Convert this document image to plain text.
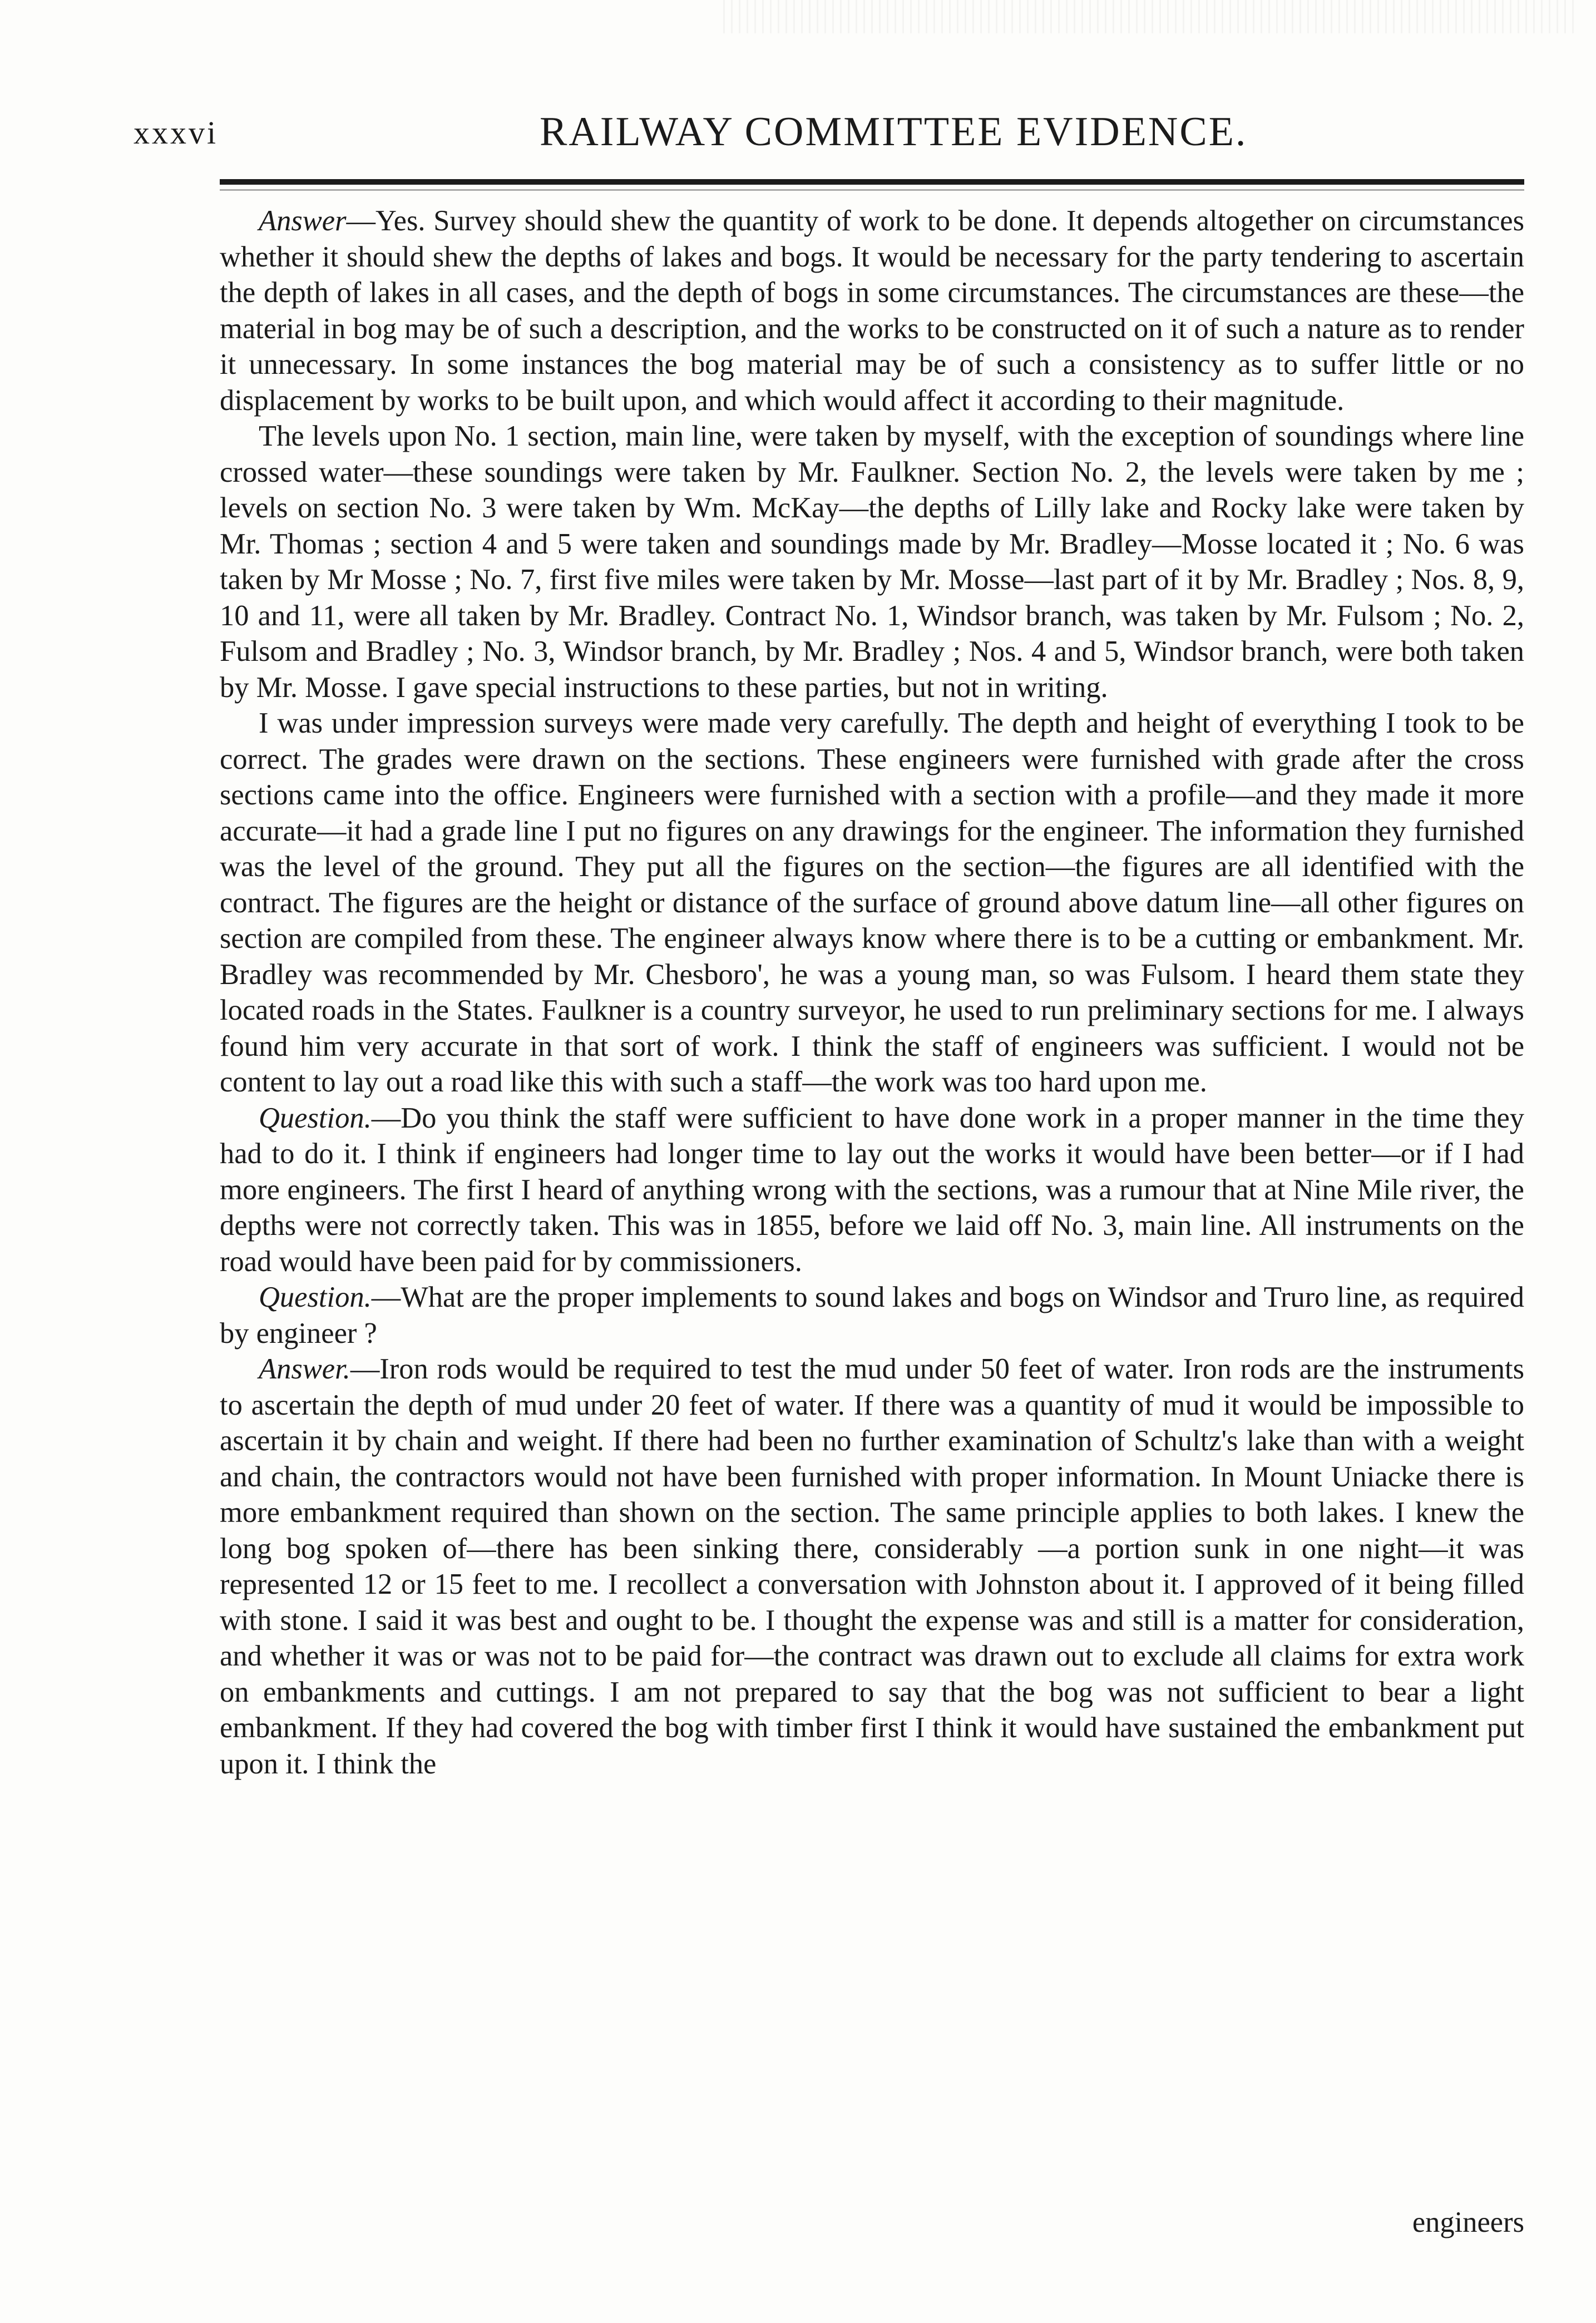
xxxvi	RAILWAY COMMITTEE EVIDENCE.

Answer—Yes. Survey should shew the quantity of work to be done. It depends altogether on circumstances whether it should shew the depths of lakes and bogs. It would be necessary for the party tendering to ascertain the depth of lakes in all cases, and the depth of bogs in some circumstances. The circumstances are these—the material in bog may be of such a description, and the works to be constructed on it of such a nature as to render it unnecessary. In some instances the bog material may be of such a consistency as to suffer little or no displacement by works to be built upon, and which would affect it according to their magnitude.

The levels upon No. 1 section, main line, were taken by myself, with the exception of soundings where line crossed water—these soundings were taken by Mr. Faulkner. Section No. 2, the levels were taken by me ; levels on section No. 3 were taken by Wm. McKay—the depths of Lilly lake and Rocky lake were taken by Mr. Thomas ; section 4 and 5 were taken and soundings made by Mr. Bradley—Mosse located it ; No. 6 was taken by Mr Mosse ; No. 7, first five miles were taken by Mr. Mosse—last part of it by Mr. Bradley ; Nos. 8, 9, 10 and 11, were all taken by Mr. Bradley. Contract No. 1, Windsor branch, was taken by Mr. Fulsom ; No. 2, Fulsom and Bradley ; No. 3, Windsor branch, by Mr. Bradley ; Nos. 4 and 5, Windsor branch, were both taken by Mr. Mosse. I gave special instructions to these parties, but not in writing.

I was under impression surveys were made very carefully. The depth and height of everything I took to be correct. The grades were drawn on the sections. These engineers were furnished with grade after the cross sections came into the office. Engineers were furnished with a section with a profile—and they made it more accurate—it had a grade line I put no figures on any drawings for the engineer. The information they furnished was the level of the ground. They put all the figures on the section—the figures are all identified with the contract. The figures are the height or distance of the surface of ground above datum line—all other figures on section are compiled from these. The engineer always know where there is to be a cutting or embankment. Mr. Bradley was recommended by Mr. Chesboro', he was a young man, so was Fulsom. I heard them state they located roads in the States. Faulkner is a country surveyor, he used to run preliminary sections for me. I always found him very accurate in that sort of work. I think the staff of engineers was sufficient. I would not be content to lay out a road like this with such a staff—the work was too hard upon me.

Question.—Do you think the staff were sufficient to have done work in a proper manner in the time they had to do it. I think if engineers had longer time to lay out the works it would have been better—or if I had more engineers. The first I heard of anything wrong with the sections, was a rumour that at Nine Mile river, the depths were not correctly taken. This was in 1855, before we laid off No. 3, main line. All instruments on the road would have been paid for by commissioners.

Question.—What are the proper implements to sound lakes and bogs on Windsor and Truro line, as required by engineer ?

Answer.—Iron rods would be required to test the mud under 50 feet of water. Iron rods are the instruments to ascertain the depth of mud under 20 feet of water. If there was a quantity of mud it would be impossible to ascertain it by chain and weight. If there had been no further examination of Schultz's lake than with a weight and chain, the contractors would not have been furnished with proper information. In Mount Uniacke there is more embankment required than shown on the section. The same principle applies to both lakes. I knew the long bog spoken of—there has been sinking there, considerably —a portion sunk in one night—it was represented 12 or 15 feet to me. I recollect a conversation with Johnston about it. I approved of it being filled with stone. I said it was best and ought to be. I thought the expense was and still is a matter for consideration, and whether it was or was not to be paid for—the contract was drawn out to exclude all claims for extra work on embankments and cuttings. I am not prepared to say that the bog was not sufficient to bear a light embankment. If they had covered the bog with timber first I think it would have sustained the embankment put upon it. I think the

engineers
